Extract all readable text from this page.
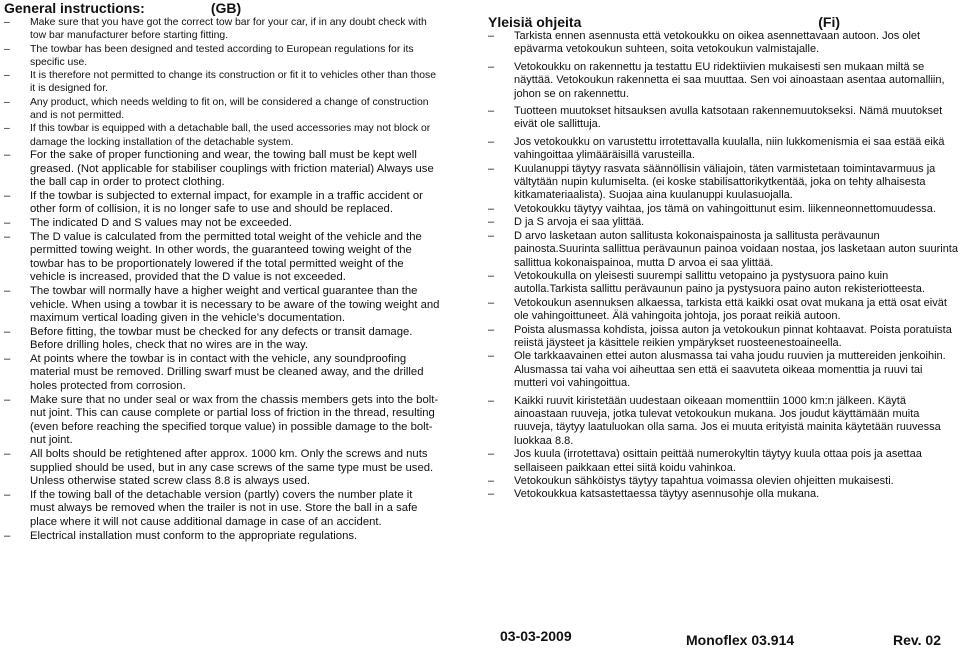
General instructions:	(GB)
– Make sure that you have got the correct tow bar for your car, if in any doubt check with tow bar manufacturer before starting fitting.
– The towbar has been designed and tested according to European regulations for its specific use.
– It is therefore not permitted to change its construction or fit it to vehicles other than those it is designed for.
– Any product, which needs welding to fit on, will be considered a change of construction and is not permitted.
– If this towbar is equipped with a detachable ball, the used accessories may not block or damage the locking installation of the detachable system.
– For the sake of proper functioning and wear, the towing ball must be kept well greased. (Not applicable for stabiliser couplings with friction material) Always use the ball cap in order to protect clothing.
– If the towbar is subjected to external impact, for example in a traffic accident or other form of collision, it is no longer safe to use and should be replaced.
– The indicated D and S values may not be exceeded.
– The D value is calculated from the permitted total weight of the vehicle and the permitted towing weight. In other words, the guaranteed towing weight of the towbar has to be proportionately lowered if the total permitted weight of the vehicle is increased, provided that the D value is not exceeded.
– The towbar will normally have a higher weight and vertical guarantee than the vehicle. When using a towbar it is necessary to be aware of the towing weight and maximum vertical loading given in the vehicle’s documentation.
– Before fitting, the towbar must be checked for any defects or transit damage. Before drilling holes, check that no wires are in the way.
– At points where the towbar is in contact with the vehicle, any soundproofing material must be removed. Drilling swarf must be cleaned away, and the drilled holes protected from corrosion.
– Make sure that no under seal or wax from the chassis members gets into the bolt-nut joint. This can cause complete or partial loss of friction in the thread, resulting (even before reaching the specified torque value) in possible damage to the bolt-nut joint.
– All bolts should be retightened after approx. 1000 km. Only the screws and nuts supplied should be used, but in any case screws of the same type must be used. Unless otherwise stated screw class 8.8 is always used.
– If the towing ball of the detachable version (partly) covers the number plate it must always be removed when the trailer is not in use. Store the ball in a safe place where it will not cause additional damage in case of an accident.
– Electrical installation must conform to the appropriate regulations.
Yleisiä ohjeita	(Fi)
– Tarkista ennen asennusta että vetokoukku on oikea asennettavaan autoon. Jos olet epävarma vetokoukun suhteen, soita vetokoukun valmistajalle.
– Vetokoukku on rakennettu ja testattu EU ridektiivien mukaisesti sen mukaan miltä se näyttää. Vetokoukun rakennetta ei saa muuttaa. Sen voi ainoastaan asentaa automalliin, johon se on rakennettu.
– Tuotteen muutokset hitsauksen avulla katsotaan rakennemuutokseksi. Nämä muutokset eivät ole sallittuja.
– Jos vetokoukku on varustettu irrotettavalla kuulalla, niin lukkomenismia ei saa estää eikä vahingoittaa ylimääräisillä varusteilla.
– Kuulanuppi täytyy rasvata säännöllisin väliajoin, täten varmistetaan toimintavarmuus ja vältytään nupin kulumiselta. (ei koske stabilisattorikytkentää, joka on tehty alhaisesta kitkamateriaalista). Suojaa aina kuulanuppi kuulasuojalla.
– Vetokoukku täytyy vaihtaa, jos tämä on vahingoittunut esim. liikenneonnettomuudessa.
– D ja S arvoja ei saa ylittää.
– D arvo lasketaan auton sallitusta kokonaispainosta ja sallitusta perävaunun painosta.Suurinta sallittua perävaunun painoa voidaan nostaa, jos lasketaan auton suurinta sallittua kokonaispainoa, mutta D arvoa ei saa ylittää.
– Vetokoukulla on yleisesti suurempi sallittu vetopaino ja pystysuora paino kuin autolla.Tarkista sallittu perävaunun paino ja pystysuora paino auton rekisteriotteesta.
– Vetokoukun asennuksen alkaessa, tarkista että kaikki osat ovat mukana ja että osat eivät ole vahingoittuneet. Älä vahingoita johtoja, jos poraat reikiä autoon.
– Poista alusmassa kohdista, joissa auton ja vetokoukun pinnat kohtaavat. Poista poratuista reiistä jäysteet ja käsittele reikien ympärykset ruosteenestoaineella.
– Ole tarkkaavainen ettei auton alusmassa tai vaha joudu ruuvien ja muttereiden jenkoihin. Alusmassa tai vaha voi aiheuttaa sen että ei saavuteta oikeaa momenttia ja ruuvi tai mutteri voi vahingoittua.
– Kaikki ruuvit kiristetään uudestaan oikeaan momenttiin 1000 km:n jälkeen. Käytä ainoastaan ruuveja, jotka tulevat vetokoukun mukana. Jos joudut käyttämään muita ruuveja, täytyy laatuluokan olla sama. Jos ei muuta erityistä mainita käytetään ruuvessa luokkaa 8.8.
– Jos kuula (irrotettava) osittain peittää numerokyltin täytyy kuula ottaa pois ja asettaa sellaiseen paikkaan ettei siitä koidu vahinkoa.
– Vetokoukun sähköistys täytyy tapahtua voimassa olevien ohjeitten mukaisesti.
– Vetokoukkua katsastettaessa täytyy asennusohje olla mukana.
03-03-2009	Monoflex 03.914	Rev. 02
